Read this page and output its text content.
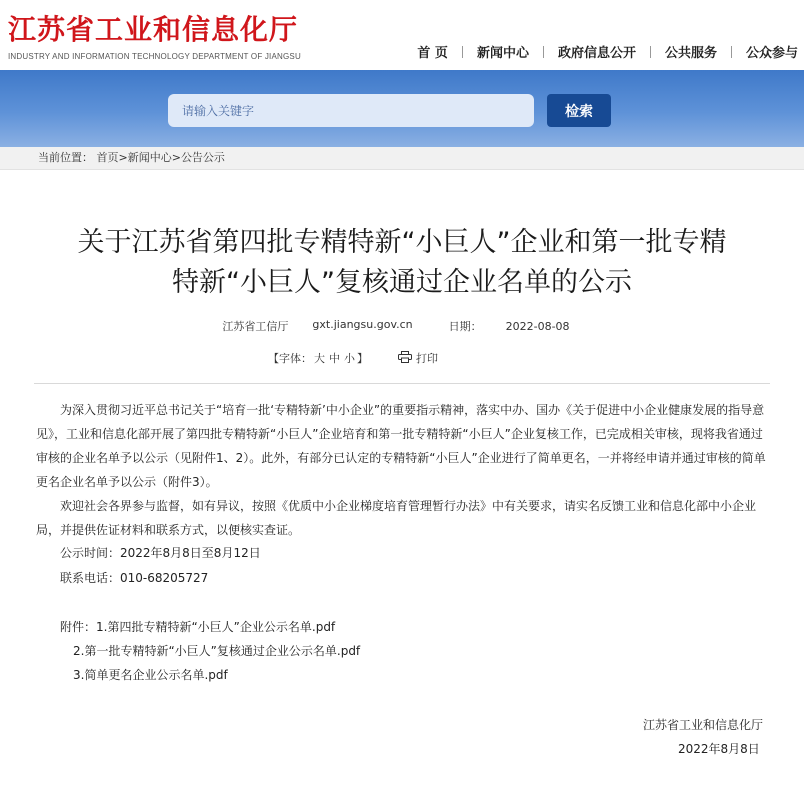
江苏省工业和信息化厅
INDUSTRY AND INFORMATION TECHNOLOGY DEPARTMENT OF JIANGSU	首 页 新闻中心 政府信息公开 公共服务 公众参与
请输入关键字
检索
当前位置： 首页>新闻中心>公告公示
关于江苏省第四批专精特新“小巨人”企业和第一批专精
特新“小巨人”复核通过企业名单的公示
江苏省工信厅 gxt.jiangsu.gov.cn	日期： 2022-08-08
【字体： 大 中 小 】	打印

为深入贯彻习近平总书记关于“培育一批‘专精特新’中小企业”的重要指示精神，落实中办、国办《关于促进中小企业健康发展的指导意见》，工业和信息化部开展了第四批专精特新“小巨人”企业培育和第一批专精特新“小巨人”企业复核工作，已完成相关审核，现将我省通过审核的企业名单予以公示（见附件1、2）。此外，有部分已认定的专精特新“小巨人”企业进行了简单更名，一并将经申请并通过审核的简单更名企业名单予以公示（附件3）。

欢迎社会各界参与监督，如有异议，按照《优质中小企业梯度培育管理暂行办法》中有关要求，请实名反馈工业和信息化部中小企业局，并提供佐证材料和联系方式，以便核实查证。

公示时间：2022年8月8日至8月12日
联系电话：010-68205727
附件： 1.第四批专精特新“小巨人”企业公示名单.pdf
2.第一批专精特新“小巨人”复核通过企业公示名单.pdf
3.简单更名企业公示名单.pdf
江苏省工业和信息化厅
2022年8月8日
